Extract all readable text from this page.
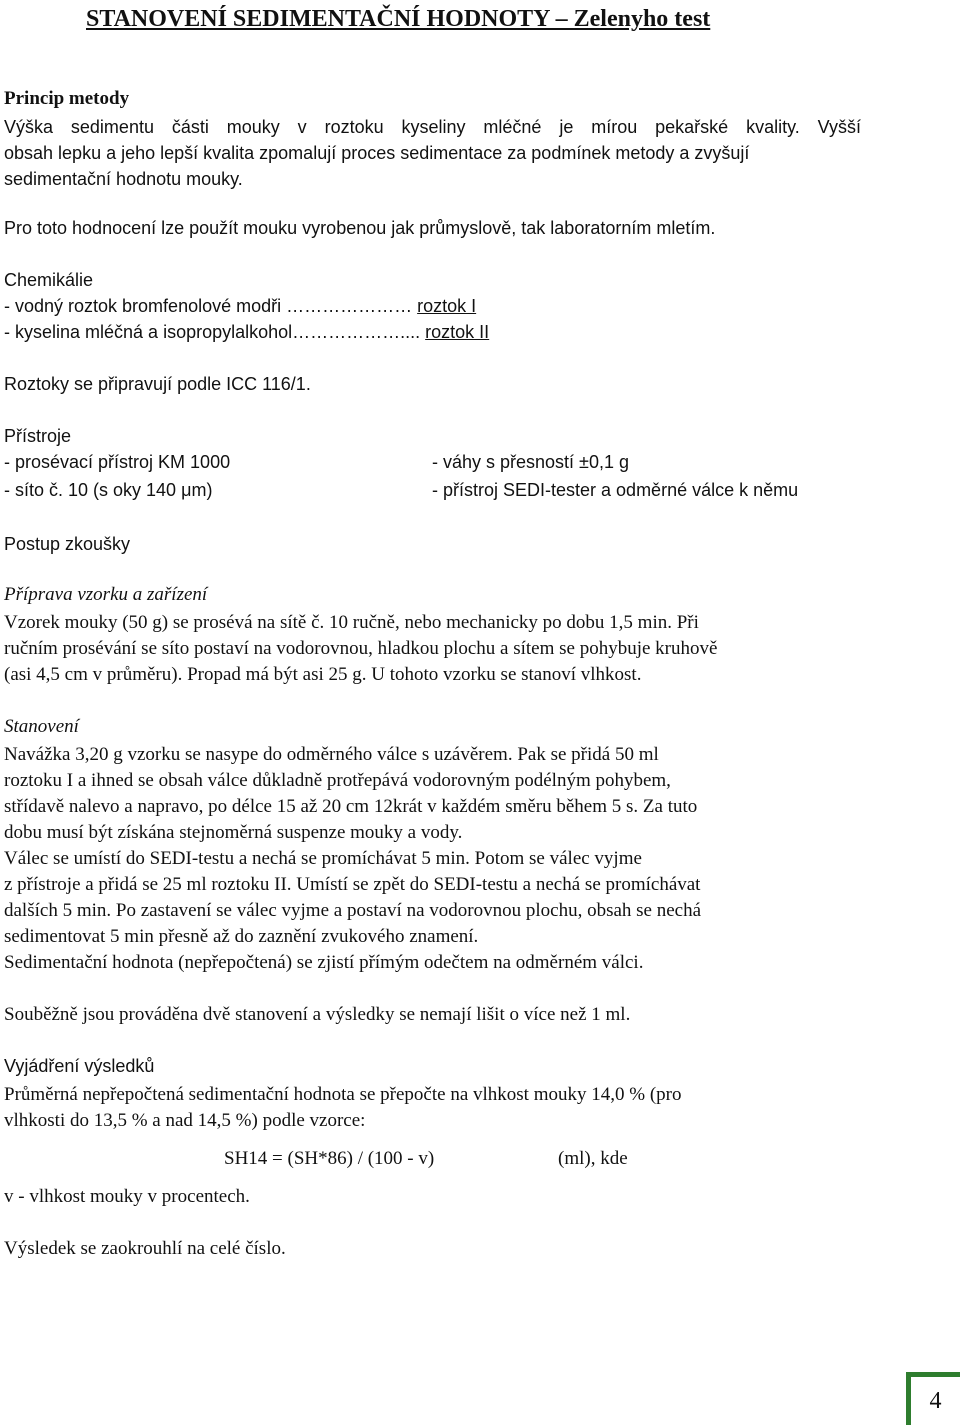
STANOVENÍ SEDIMENTAČNÍ HODNOTY – Zelenyho test
Princip metody
Výška sedimentu části mouky v roztoku kyseliny mléčné je mírou pekařské kvality. Vyšší
obsah lepku a jeho lepší kvalita zpomalují proces sedimentace za podmínek metody a zvyšují
sedimentační hodnotu mouky.
Pro toto hodnocení lze použít mouku vyrobenou jak průmyslově, tak laboratorním mletím.
Chemikálie
- vodný roztok bromfenolové modři ………………… roztok I
- kyselina mléčná a isopropylalkohol……………….... roztok II
Roztoky se připravují podle ICC 116/1.
Přístroje
- prosévací přístroj KM 1000	- váhy s přesností ±0,1 g
- síto č. 10 (s oky 140 μm)	- přístroj SEDI-tester a odměrné válce k němu
Postup zkoušky
Příprava vzorku a zařízení
Vzorek mouky (50 g) se prosévá na sítě č. 10 ručně, nebo mechanicky po dobu 1,5 min. Při
ručním prosévání se síto postaví na vodorovnou, hladkou plochu a sítem se pohybuje kruhově
(asi 4,5 cm v průměru). Propad má být asi 25 g. U tohoto vzorku se stanoví vlhkost.
Stanovení
Navážka 3,20 g vzorku se nasype do odměrného válce s uzávěrem. Pak se přidá 50 ml
roztoku I a ihned se obsah válce důkladně protřepává vodorovným podélným pohybem,
střídavě nalevo a napravo, po délce 15 až 20 cm 12krát v každém směru během 5 s. Za tuto
dobu musí být získána stejnoměrná suspenze mouky a vody.
Válec se umístí do SEDI-testu a nechá se promíchávat 5 min. Potom se válec vyjme
z přístroje a přidá se 25 ml roztoku II. Umístí se zpět do SEDI-testu a nechá se promíchávat
dalších 5 min. Po zastavení se válec vyjme a postaví na vodorovnou plochu, obsah se nechá
sedimentovat 5 min přesně až do zaznění zvukového znamení.
Sedimentační hodnota (nepřepočtená) se zjistí přímým odečtem na odměrném válci.
Souběžně jsou prováděna dvě stanovení a výsledky se nemají lišit o více než 1 ml.
Vyjádření výsledků
Průměrná nepřepočtená sedimentační hodnota se přepočte na vlhkost mouky 14,0 % (pro
vlhkosti do 13,5 % a nad 14,5 %) podle vzorce:
SH14 = (SH*86) / (100 - v)	(ml), kde
v - vlhkost mouky v procentech.
Výsledek se zaokrouhlí na celé číslo.
4
